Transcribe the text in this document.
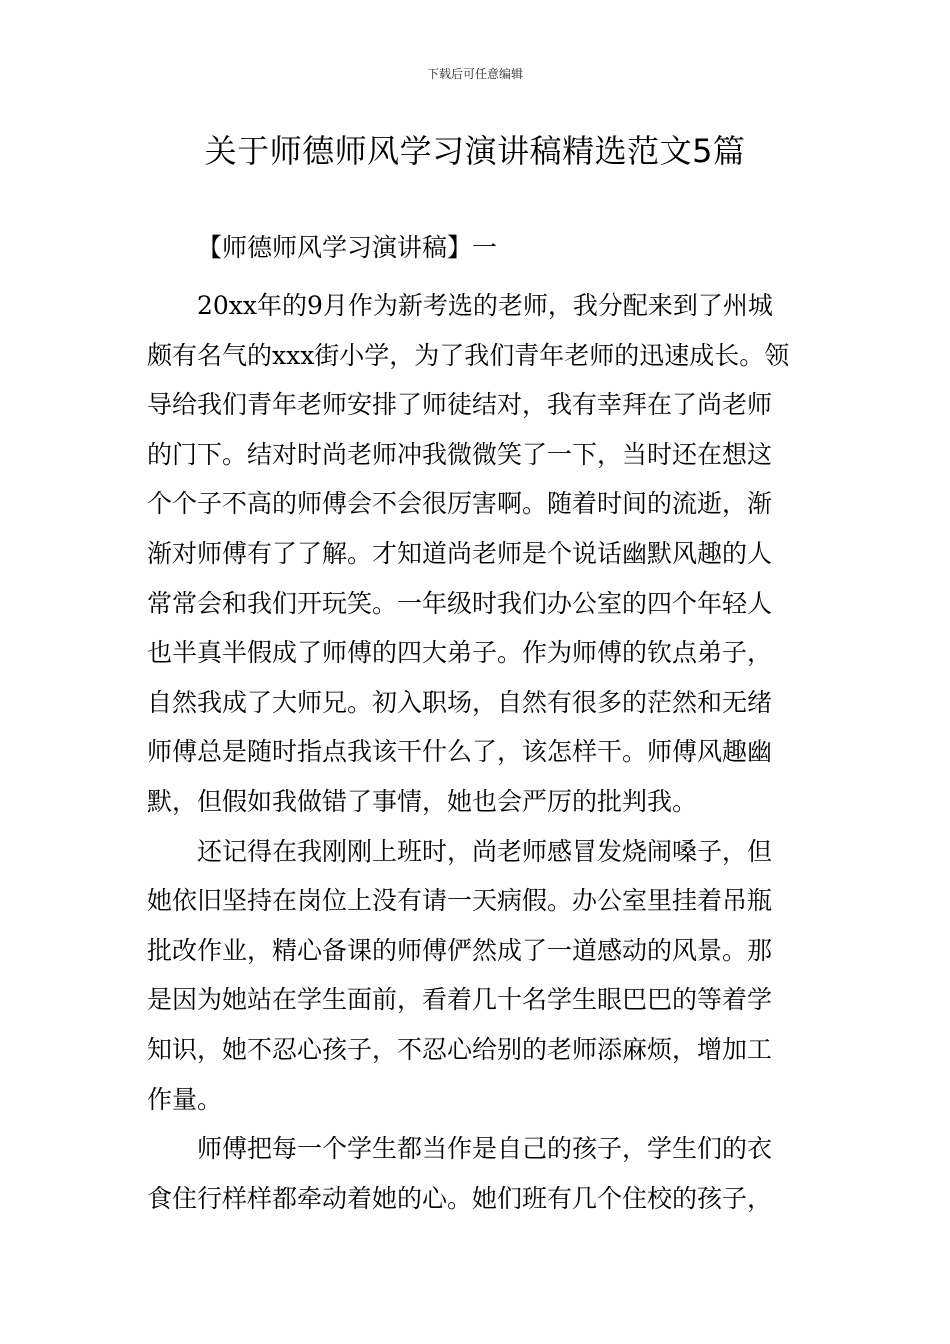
下载后可任意编辑
关于师德师风学习演讲稿精选范文5篇
【师德师风学习演讲稿】一

20xx年的9月作为新考选的老师，我分配来到了州城
颇有名气的xxx街小学，为了我们青年老师的迅速成长。领
导给我们青年老师安排了师徒结对，我有幸拜在了尚老师
的门下。结对时尚老师冲我微微笑了一下，当时还在想这
个个子不高的师傅会不会很厉害啊。随着时间的流逝，渐
渐对师傅有了了解。才知道尚老师是个说话幽默风趣的人
常常会和我们开玩笑。一年级时我们办公室的四个年轻人
也半真半假成了师傅的四大弟子。作为师傅的钦点弟子，
自然我成了大师兄。初入职场，自然有很多的茫然和无绪
师傅总是随时指点我该干什么了，该怎样干。师傅风趣幽
默，但假如我做错了事情，她也会严厉的批判我。

还记得在我刚刚上班时，尚老师感冒发烧闹嗓子，但
她依旧坚持在岗位上没有请一天病假。办公室里挂着吊瓶
批改作业，精心备课的师傅俨然成了一道感动的风景。那
是因为她站在学生面前，看着几十名学生眼巴巴的等着学
知识，她不忍心孩子，不忍心给别的老师添麻烦，增加工
作量。

师傅把每一个学生都当作是自己的孩子，学生们的衣
食住行样样都牵动着她的心。她们班有几个住校的孩子，
